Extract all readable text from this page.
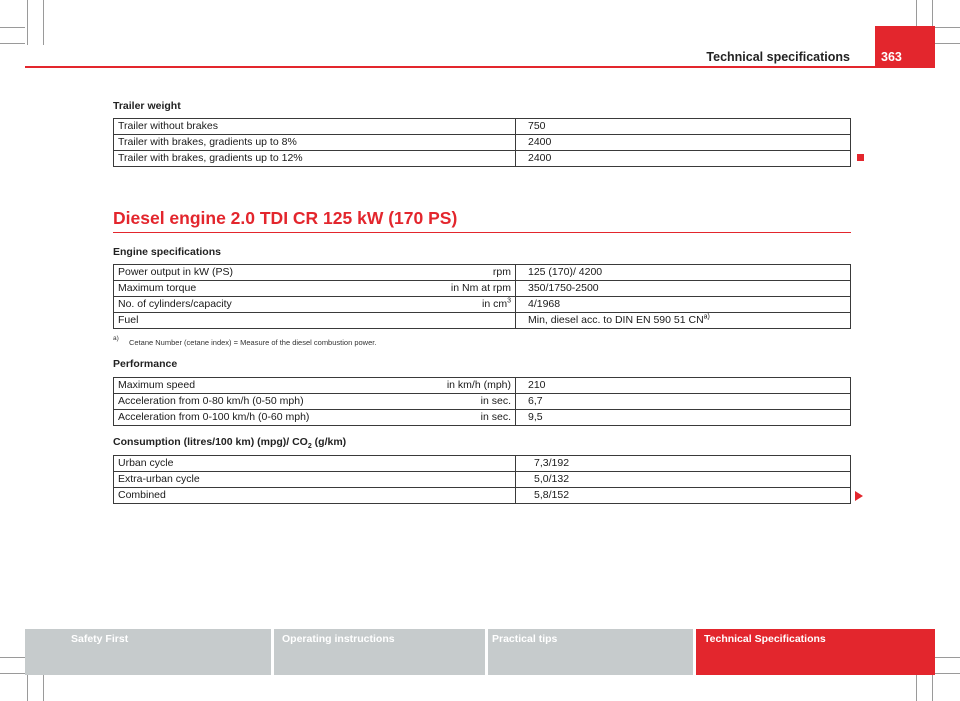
Technical specifications	363
Trailer weight
Trailer without brakes	750
Trailer with brakes, gradients up to 8%	2400
Trailer with brakes, gradients up to 12%	2400
Diesel engine 2.0 TDI CR 125 kW (170 PS)
Engine specifications
Power output in kW (PS) rpm	125 (170)/ 4200

Maximum torque in Nm at rpm	350/1750-2500

No. of cylinders/capacity in $cm^3$	4/1968

Fuel	Min, diesel acc. to DIN EN 590 51 CN$^{a)}$
a) Cetane Number (cetane index) = Measure of the diesel combustion power.
Performance
Maximum speed in km/h (mph)	210

Acceleration from 0-80 km/h (0-50 mph) in sec.	6,7

Acceleration from 0-100 km/h (0-60 mph) in sec.	9,5
Consumption (litres/100 km) (mpg)/ $CO_2$ (g/km)
Urban cycle	7,3/192
Extra-urban cycle	5,0/132
Combined	5,8/152
Safety First	Operating instructions	Practical tips	Technical Specifications
